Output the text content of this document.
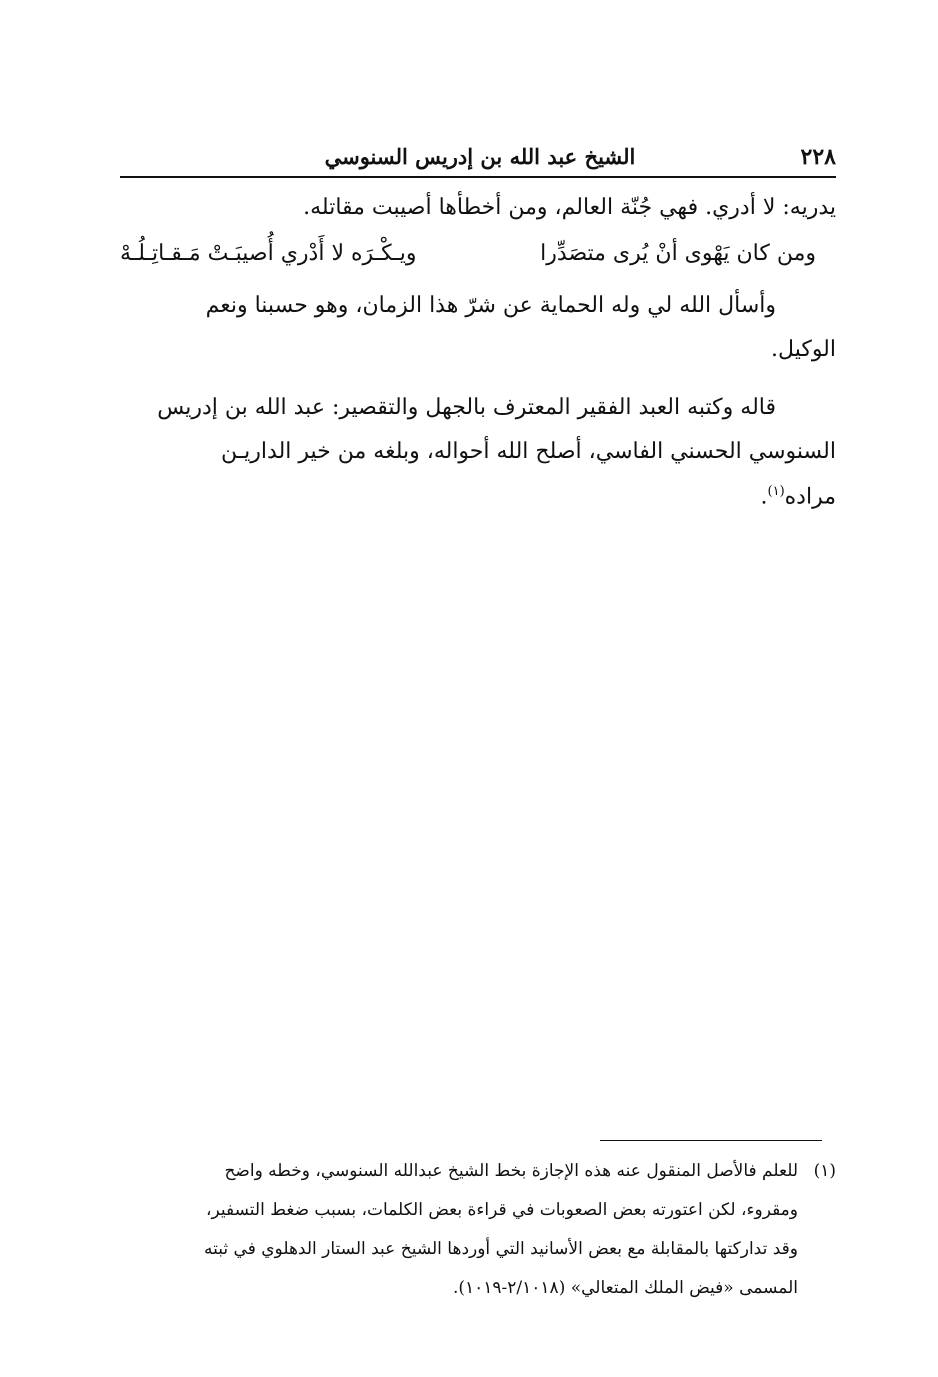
٢٢٨
الشيخ عبد الله بن إدريس السنوسي
يدريه: لا أدري. فهي جُنّة العالم، ومن أخطأها أصيبت مقاتله.
ومن كان يَهْوى أنْ يُرى متصَدِّرا
ويـكْـرَه لا أَدْري أُصيبَـتْ مَـقـاتِـلُـهْ
وأسأل الله لي وله الحماية عن شرّ هذا الزمان، وهو حسبنا ونعم
الوكيل.
قاله وكتبه العبد الفقير المعترف بالجهل والتقصير: عبد الله بن إدريس
السنوسي الحسني الفاسي، أصلح الله أحواله، وبلغه من خير الداريـن
مراده$^{(١)}$.
(١)للعلم فالأصل المنقول عنه هذه الإجازة بخط الشيخ عبدالله السنوسي، وخطه واضح
ومقروء، لكن اعتورته بعض الصعوبات في قراءة بعض الكلمات، بسبب ضغط التسفير،
وقد تداركتها بالمقابلة مع بعض الأسانيد التي أوردها الشيخ عبد الستار الدهلوي في ثبته
المسمى «فيض الملك المتعالي» (٢/١٠١٨-١٠١٩).
